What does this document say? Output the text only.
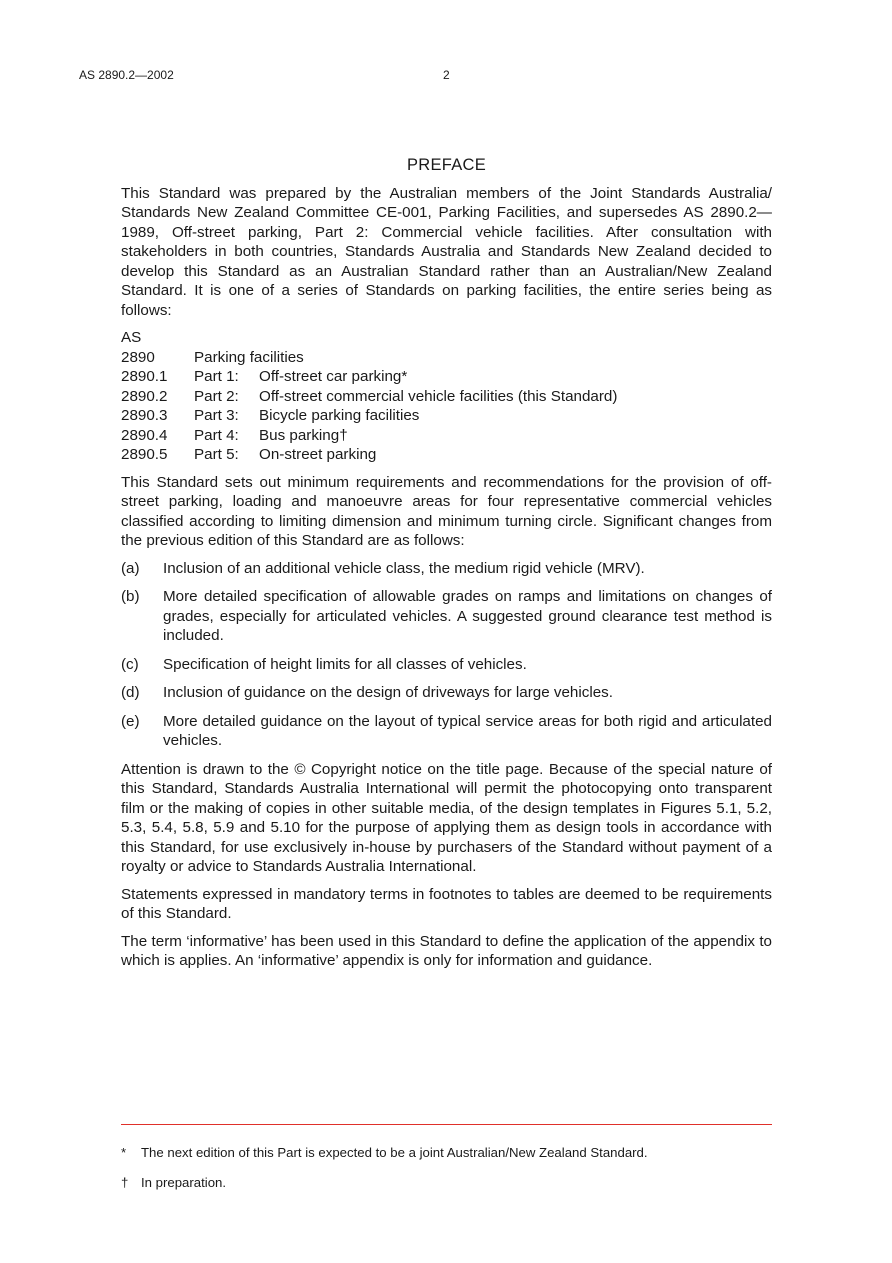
AS 2890.2—2002	2
PREFACE

This Standard was prepared by the Australian members of the Joint Standards Australia/ Standards New Zealand Committee CE-001, Parking Facilities, and supersedes AS 2890.2—1989, Off-street parking, Part 2: Commercial vehicle facilities. After consultation with stakeholders in both countries, Standards Australia and Standards New Zealand decided to develop this Standard as an Australian Standard rather than an Australian/New Zealand Standard. It is one of a series of Standards on parking facilities, the entire series being as follows:

AS
2890	Parking facilities
2890.1	Part 1:	Off-street car parking*
2890.2	Part 2:	Off-street commercial vehicle facilities (this Standard)
2890.3	Part 3:	Bicycle parking facilities
2890.4	Part 4:	Bus parking†
2890.5	Part 5:	On-street parking

This Standard sets out minimum requirements and recommendations for the provision of off-street parking, loading and manoeuvre areas for four representative commercial vehicles classified according to limiting dimension and minimum turning circle. Significant changes from the previous edition of this Standard are as follows:

(a)	Inclusion of an additional vehicle class, the medium rigid vehicle (MRV).
(b)	More detailed specification of allowable grades on ramps and limitations on changes of grades, especially for articulated vehicles. A suggested ground clearance test method is included.
(c)	Specification of height limits for all classes of vehicles.
(d)	Inclusion of guidance on the design of driveways for large vehicles.
(e)	More detailed guidance on the layout of typical service areas for both rigid and articulated vehicles.

Attention is drawn to the © Copyright notice on the title page. Because of the special nature of this Standard, Standards Australia International will permit the photocopying onto transparent film or the making of copies in other suitable media, of the design templates in Figures 5.1, 5.2, 5.3, 5.4, 5.8, 5.9 and 5.10 for the purpose of applying them as design tools in accordance with this Standard, for use exclusively in-house by purchasers of the Standard without payment of a royalty or advice to Standards Australia International.

Statements expressed in mandatory terms in footnotes to tables are deemed to be requirements of this Standard.

The term ‘informative’ has been used in this Standard to define the application of the appendix to which is applies. An ‘informative’ appendix is only for information and guidance.

*	The next edition of this Part is expected to be a joint Australian/New Zealand Standard.
† In preparation.
